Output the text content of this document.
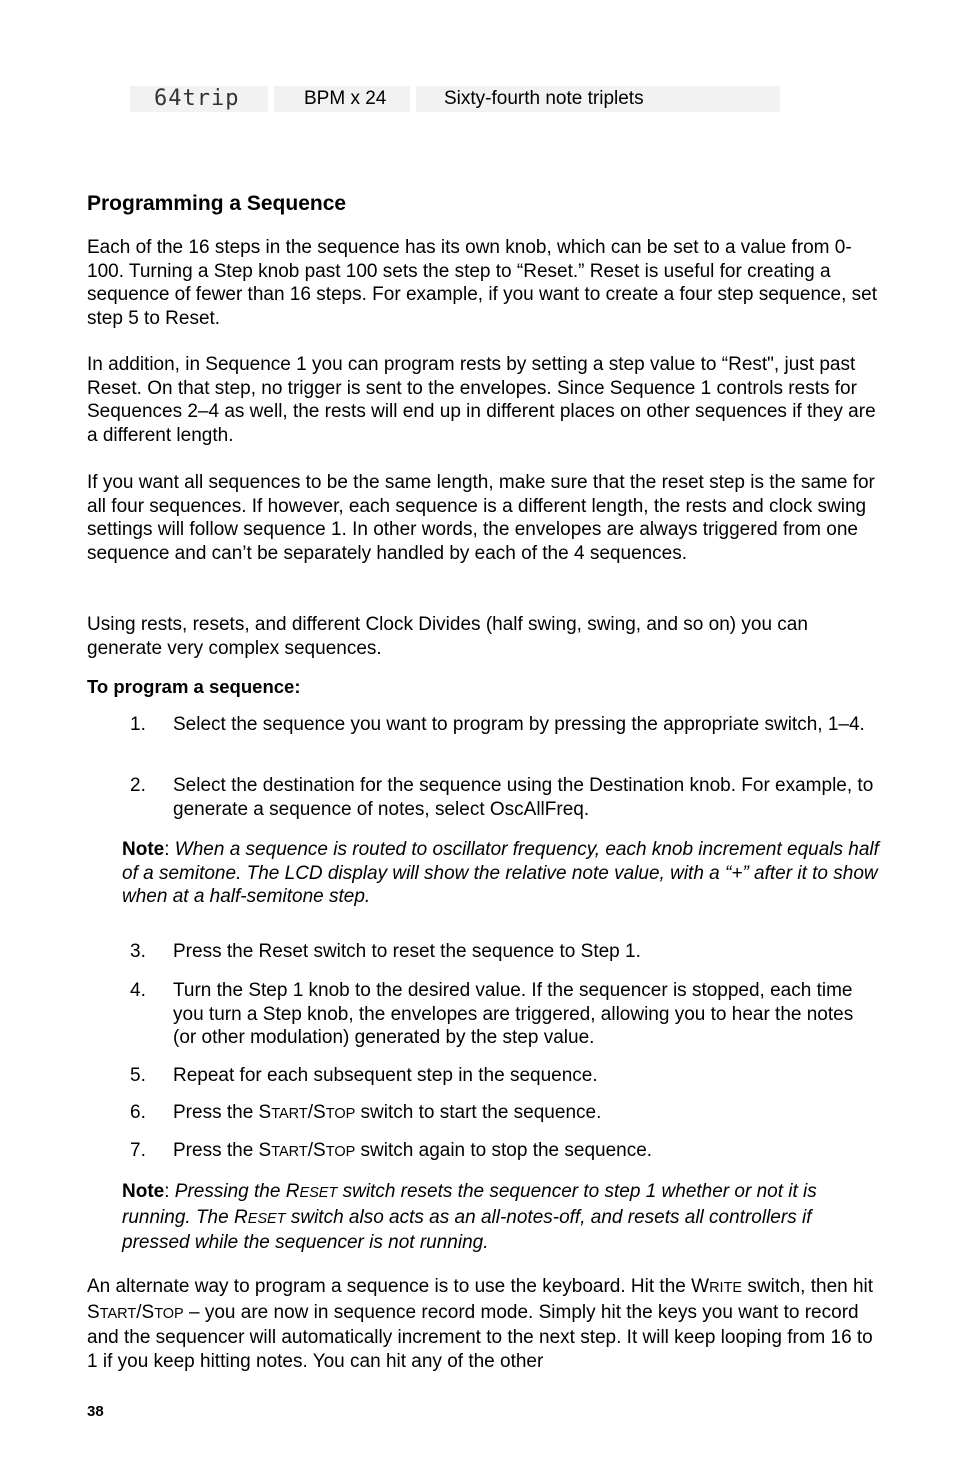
64trip	BPM x 24	Sixty-fourth note triplets
Programming a Sequence

Each of the 16 steps in the sequence has its own knob, which can be set to a value from 0-100. Turning a Step knob past 100 sets the step to “Reset.” Reset is useful for creating a sequence of fewer than 16 steps. For example, if you want to create a four step sequence, set step 5 to Reset.

In addition, in Sequence 1 you can program rests by setting a step value to “Rest", just past Reset. On that step, no trigger is sent to the envelopes. Since Sequence 1 controls rests for Sequences 2–4 as well, the rests will end up in different places on other sequences if they are a different length.

If you want all sequences to be the same length, make sure that the reset step is the same for all four sequences. If however, each sequence is a different length, the rests and clock swing settings will follow sequence 1. In other words, the envelopes are always triggered from one sequence and can’t be separately handled by each of the 4 sequences.

Using rests, resets, and different Clock Divides (half swing, swing, and so on) you can generate very complex sequences.

To program a sequence:

1. Select the sequence you want to program by pressing the appropriate switch, 1–4.
2. Select the destination for the sequence using the Destination knob. For example, to generate a sequence of notes, select OscAllFreq.

Note: When a sequence is routed to oscillator frequency, each knob increment equals half of a semitone. The LCD display will show the relative note value, with a “+” after it to show when at a half-semitone step.

3. Press the Reset switch to reset the sequence to Step 1.
4. Turn the Step 1 knob to the desired value. If the sequencer is stopped, each time you turn a Step knob, the envelopes are triggered, allowing you to hear the notes (or other modulation) generated by the step value.
5. Repeat for each subsequent step in the sequence.
6. Press the START/STOP switch to start the sequence.
7. Press the START/STOP switch again to stop the sequence.

Note: Pressing the RESET switch resets the sequencer to step 1 whether or not it is running. The RESET switch also acts as an all-notes-off, and resets all controllers if pressed while the sequencer is not running.

An alternate way to program a sequence is to use the keyboard. Hit the WRITE switch, then hit START/STOP – you are now in sequence record mode. Simply hit the keys you want to record and the sequencer will automatically increment to the next step. It will keep looping from 16 to 1 if you keep hitting notes. You can hit any of the other

38
